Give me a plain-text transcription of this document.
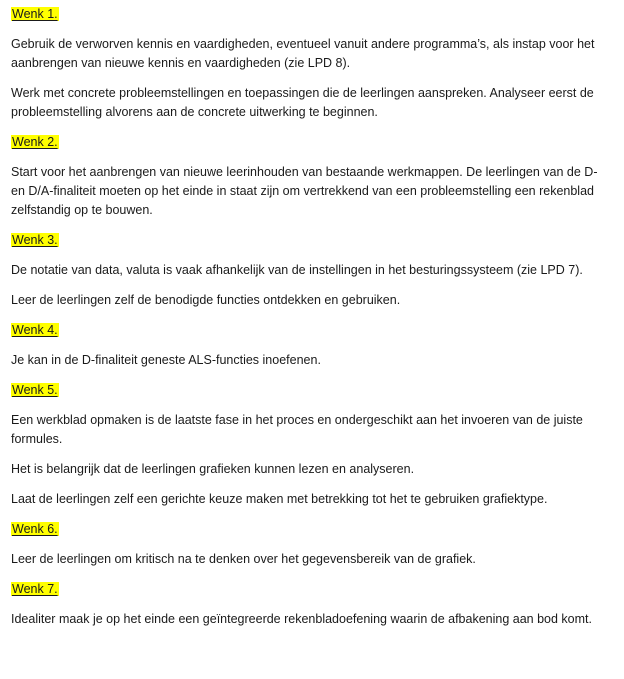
Wenk 1.

Gebruik de verworven kennis en vaardigheden, eventueel vanuit andere programma’s, als instap voor het aanbrengen van nieuwe kennis en vaardigheden (zie LPD 8).

Werk met concrete probleemstellingen en toepassingen die de leerlingen aanspreken. Analyseer eerst de probleemstelling alvorens aan de concrete uitwerking te beginnen.

Wenk 2.

Start voor het aanbrengen van nieuwe leerinhouden van bestaande werkmappen. De leerlingen van de D- en D/A-finaliteit moeten op het einde in staat zijn om vertrekkend van een probleemstelling een rekenblad zelfstandig op te bouwen.

Wenk 3.

De notatie van data, valuta is vaak afhankelijk van de instellingen in het besturingssysteem (zie LPD 7).

Leer de leerlingen zelf de benodigde functies ontdekken en gebruiken.

Wenk 4.

Je kan in de D-finaliteit geneste ALS-functies inoefenen.

Wenk 5.

Een werkblad opmaken is de laatste fase in het proces en ondergeschikt aan het invoeren van de juiste formules.

Het is belangrijk dat de leerlingen grafieken kunnen lezen en analyseren.

Laat de leerlingen zelf een gerichte keuze maken met betrekking tot het te gebruiken grafiektype.

Wenk 6.

Leer de leerlingen om kritisch na te denken over het gegevensbereik van de grafiek.

Wenk 7.

Idealiter maak je op het einde een geïntegreerde rekenbladoefening waarin de afbakening aan bod komt.
